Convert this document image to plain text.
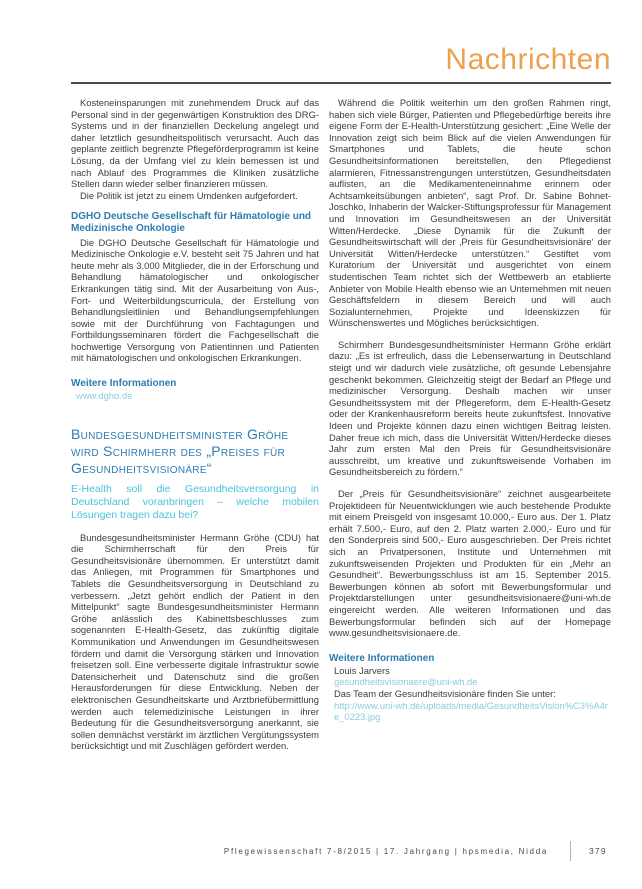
Nachrichten

Kosteneinsparungen mit zunehmendem Druck auf das Personal sind in der gegenwärtigen Konstruktion des DRG-Systems und in der finanziellen Deckelung angelegt und daher letztlich gesundheitspolitisch verursacht. Auch das geplante zeitlich begrenzte Pflegeförderprogramm ist keine Lösung, da der Umfang viel zu klein bemessen ist und nach Ablauf des Programmes die Kliniken zusätzliche Stellen dann wieder selber finanzieren müssen.

Die Politik ist jetzt zu einem Umdenken aufgefordert.

DGHO Deutsche Gesellschaft für Hämatologie und Medizinische Onkologie

Die DGHO Deutsche Gesellschaft für Hämatologie und Medizinische Onkologie e.V. besteht seit 75 Jahren und hat heute mehr als 3.000 Mitglieder, die in der Erforschung und Behandlung hämatologischer und onkologischer Erkrankungen tätig sind. Mit der Ausarbeitung von Aus-, Fort- und Weiterbildungscurricula, der Erstellung von Behandlungsleitlinien und Behandlungsempfehlungen sowie mit der Durchführung von Fachtagungen und Fortbildungsseminaren fördert die Fachgesellschaft die hochwertige Versorgung von Patientinnen und Patienten mit hämatologischen und onkologischen Erkrankungen.

Weitere Informationen
www.dgho.de
Bundesgesundheitsminister Gröhe wird Schirmherr des „Preises für Gesundheitsvisionäre“
E-Health soll die Gesundheitsversorgung in Deutschland voranbringen – welche mobilen Lösungen tragen dazu bei?

Bundesgesundheitsminister Hermann Gröhe (CDU) hat die Schirmherrschaft für den Preis für Gesundheitsvisionäre übernommen. Er unterstützt damit das Anliegen, mit Programmen für Smartphones und Tablets die Gesundheitsversorgung in Deutschland zu verbessern. „Jetzt gehört endlich der Patient in den Mittelpunkt“ sagte Bundesgesundheitsminister Hermann Gröhe anlässlich des Kabinettsbeschlusses zum sogenannten E-Health-Gesetz, das zukünftig digitale Kommunikation und Anwendungen im Gesundheitswesen fördern und damit die Versorgung stärken und Innovation freisetzen soll. Eine verbesserte digitale Infrastruktur sowie Datensicherheit und Datenschutz sind die großen Herausforderungen für diese Entwicklung. Neben der elektronischen Gesundheitskarte und Arztbriefübermittlung werden auch telemedizinische Leistungen in ihrer Bedeutung für die Gesundheitsversorgung anerkannt, sie sollen demnächst verstärkt im ärztlichen Vergütungssystem berücksichtigt und mit Zuschlägen gefördert werden.

Während die Politik weiterhin um den großen Rahmen ringt, haben sich viele Bürger, Patienten und Pflegebedürftige bereits ihre eigene Form der E-Health-Unterstützung gesichert: „Eine Welle der Innovation zeigt sich beim Blick auf die vielen Anwendungen für Smartphones und Tablets, die heute schon Gesundheitsinformationen bereitstellen, den Pflegedienst alarmieren, Fitnessanstrengungen unterstützen, Gesundheitsdaten auflisten, an die Medikamenteneinnahme erinnern oder Achtsamkeitsübungen anbieten“, sagt Prof. Dr. Sabine Bohnet-Joschko, Inhaberin der Walcker-Stiftungsprofessur für Management und Innovation im Gesundheitswesen an der Universität Witten/Herdecke. „Diese Dynamik für die Zukunft der Gesundheitswirtschaft will der ‚Preis für Gesundheitsvisionäre‘ der Universität Witten/Herdecke unterstützen.“ Gestiftet vom Kuratorium der Universität und ausgerichtet von einem studentischen Team richtet sich der Wettbewerb an etablierte Anbieter von Mobile Health ebenso wie an Unternehmen mit neuen Geschäftsfeldern in diesem Bereich und will auch Sozialunternehmen, Projekte und Ideenskizzen für Wünschenswertes und Mögliches berücksichtigen.

Schirmherr Bundesgesundheitsminister Hermann Gröhe erklärt dazu: „Es ist erfreulich, dass die Lebenserwartung in Deutschland steigt und wir dadurch viele zusätzliche, oft gesunde Lebensjahre geschenkt bekommen. Gleichzeitig steigt der Bedarf an Pflege und medizinischer Versorgung. Deshalb machen wir unser Gesundheitssystem mit der Pflegereform, dem E-Health-Gesetz oder der Krankenhausreform bereits heute zukunftsfest. Innovative Ideen und Projekte können dazu einen wichtigen Beitrag leisten. Daher freue ich mich, dass die Universität Witten/Herdecke dieses Jahr zum ersten Mal den Preis für Gesundheitsvisionäre ausschreibt, um kreative und zukunftsweisende Vorhaben im Gesundheitsbereich zu fördern.“

Der „Preis für Gesundheitsvisionäre“ zeichnet ausgearbeitete Projektideen für Neuentwicklungen wie auch bestehende Produkte mit einem Preisgeld von insgesamt 10.000,- Euro aus. Der 1. Platz erhält 7.500,- Euro, auf den 2. Platz warten 2.000,- Euro und für den Sonderpreis sind 500,- Euro ausgeschrieben. Der Preis richtet sich an Privatpersonen, Institute und Unternehmen mit zukunftsweisenden Projekten und Produkten für ein „Mehr an Gesundheit“. Bewerbungsschluss ist am 15. September 2015. Bewerbungen können ab sofort mit Bewerbungsformular und Projektdarstellungen unter gesundheitsvisionaere@uni-wh.de eingereicht werden. Alle weiteren Informationen und das Bewerbungsformular befinden sich auf der Homepage www.gesundheitsvisionaere.de.

Weitere Informationen
Louis Jarvers
gesundheitsvisionaere@uni-wh.de
Das Team der Gesundheitsvisionäre finden Sie unter:
http://www.uni-wh.de/uploads/media/GesundheitsVision%C3%A4re_0223.jpg
Pflegewissenschaft 7-8/2015 | 17. Jahrgang | hpsmedia, Nidda	379
